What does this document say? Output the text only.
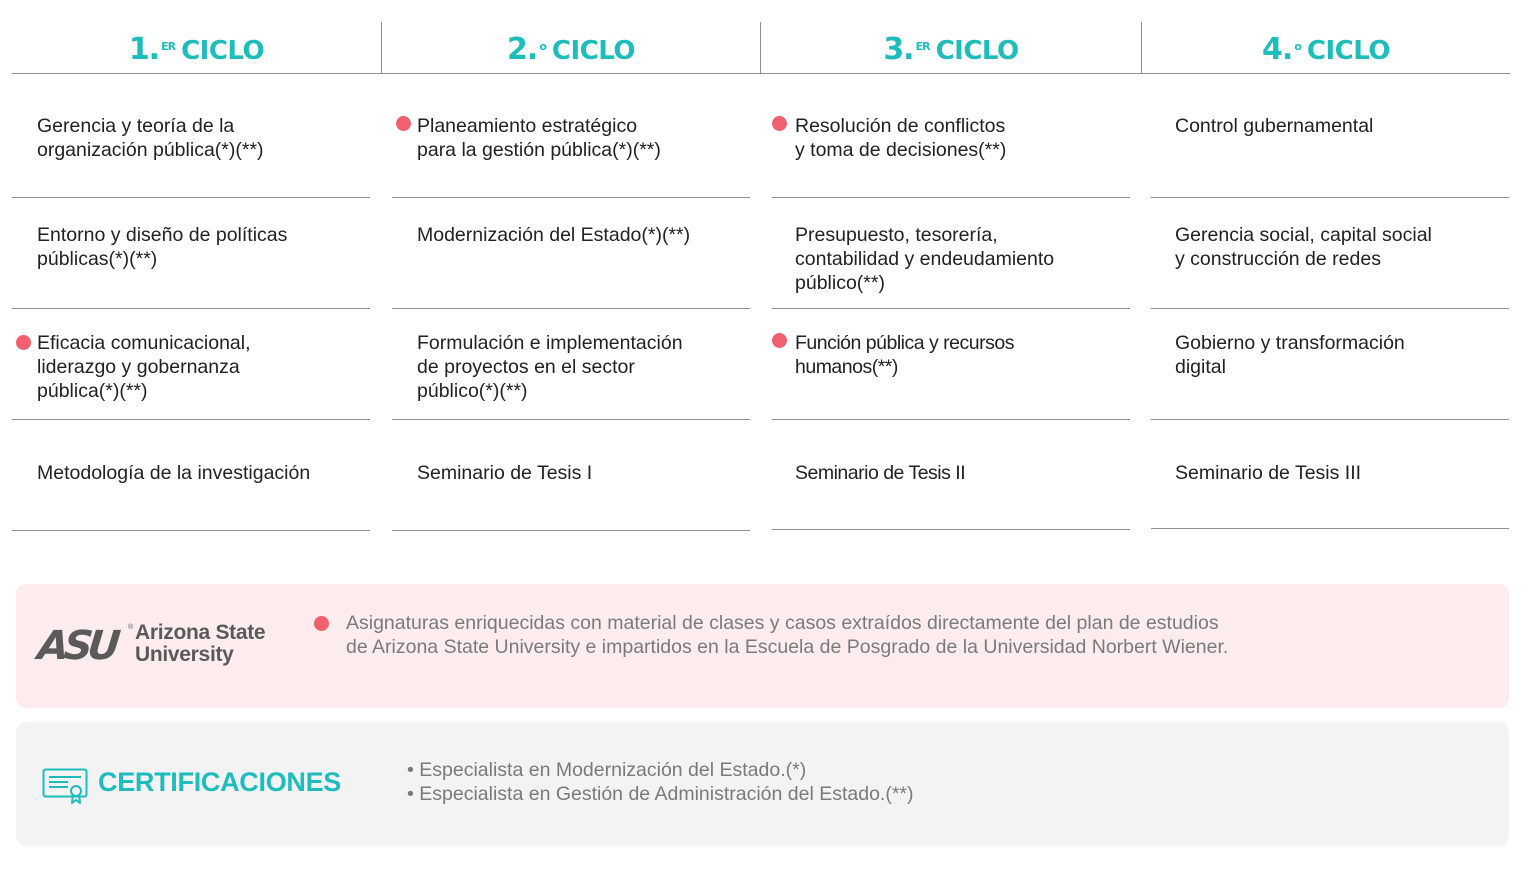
1. $^{ER}$ CICLO	2. $^o$ CICLO	3. $^{ER}$ CICLO	4. $^o$ CICLO
Gerencia y teoría de la
organización pública(*)(**)
Entorno y diseño de políticas
públicas(*)(**)
Eficacia comunicacional,
liderazgo y gobernanza
pública(*)(**)
Metodología de la investigación
Planeamiento estratégico
para la gestión pública(*)(**)
Modernización del Estado(*)(**)
Formulación e implementación
de proyectos en el sector
público(*)(**)
Seminario de Tesis I
Resolución de conflictos
y toma de decisiones(**)
Presupuesto, tesorería,
contabilidad y endeudamiento
público(**)
Función pública y recursos
humanos(**)
Seminario de Tesis II
Control gubernamental
Gerencia social, capital social
y construcción de redes
Gobierno y transformación
digital
Seminario de Tesis III
ASU ® Arizona State
University
Asignaturas enriquecidas con material de clases y casos extraídos directamente del plan de estudios
de Arizona State University e impartidos en la Escuela de Posgrado de la Universidad Norbert Wiener.
CERTIFICACIONES
•	Especialista en Modernización del Estado.(*)
• Especialista en Gestión de Administración del Estado.(**)
